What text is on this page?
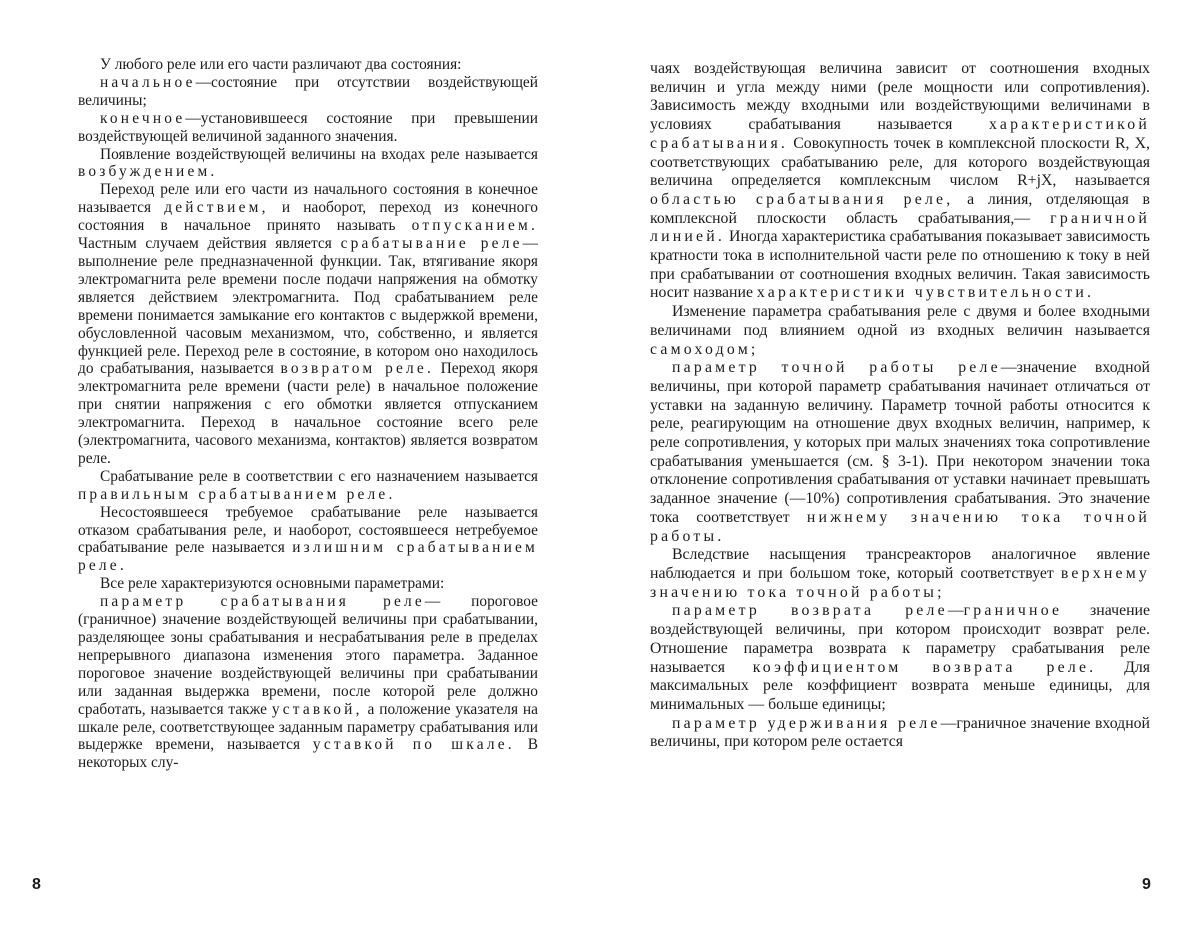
У любого реле или его части различают два состояния:

начальное—состояние при отсутствии воздействующей величины;

конечное—установившееся состояние при превышении воздействующей величиной заданного значения.

Появление воздействующей величины на входах реле называется возбуждением.

Переход реле или его части из начального состояния в конечное называется действием, и наоборот, переход из конечного состояния в начальное принято называть отпусканием. Частным случаем действия является срабатывание реле—выполнение реле предназначенной функции. Так, втягивание якоря электромагнита реле времени после подачи напряжения на обмотку является действием электромагнита. Под срабатыванием реле времени понимается замыкание его контактов с выдержкой времени, обусловленной часовым механизмом, что, собственно, и является функцией реле. Переход реле в состояние, в котором оно находилось до срабатывания, называется возвратом реле. Переход якоря электромагнита реле времени (части реле) в начальное положение при снятии напряжения с его обмотки является отпусканием электромагнита. Переход в начальное состояние всего реле (электромагнита, часового механизма, контактов) является возвратом реле.

Срабатывание реле в соответствии с его назначением называется правильным срабатыванием реле.

Несостоявшееся требуемое срабатывание реле называется отказом срабатывания реле, и наоборот, состоявшееся нетребуемое срабатывание реле называется излишним срабатыванием реле.

Все реле характеризуются основными параметрами:

параметр срабатывания реле— пороговое (граничное) значение воздействующей величины при срабатывании, разделяющее зоны срабатывания и несрабатывания реле в пределах непрерывного диапазона изменения этого параметра. Заданное пороговое значение воздействующей величины при срабатывании или заданная выдержка времени, после которой реле должно сработать, называется также уставкой, а положение указателя на шкале реле, соответствующее заданным параметру срабатывания или выдержке времени, называется уставкой по шкале. В некоторых слу-

чаях воздействующая величина зависит от соотношения входных величин и угла между ними (реле мощности или сопротивления). Зависимость между входными или воздействующими величинами в условиях срабатывания называется характеристикой срабатывания. Совокупность точек в комплексной плоскости R, X, соответствующих срабатыванию реле, для которого воздействующая величина определяется комплексным числом R+jX, называется областью срабатывания реле, а линия, отделяющая в комплексной плоскости область срабатывания,— граничной линией. Иногда характеристика срабатывания показывает зависимость кратности тока в исполнительной части реле по отношению к току в ней при срабатывании от соотношения входных величин. Такая зависимость носит название характеристики чувствительности.

Изменение параметра срабатывания реле с двумя и более входными величинами под влиянием одной из входных величин называется самоходом;

параметр точной работы реле—значение входной величины, при которой параметр срабатывания начинает отличаться от уставки на заданную величину. Параметр точной работы относится к реле, реагирующим на отношение двух входных величин, например, к реле сопротивления, у которых при малых значениях тока сопротивление срабатывания уменьшается (см. § 3-1). При некотором значении тока отклонение сопротивления срабатывания от уставки начинает превышать заданное значение (—10%) сопротивления срабатывания. Это значение тока соответствует нижнему значению тока точной работы.

Вследствие насыщения трансреакторов аналогичное явление наблюдается и при большом токе, который соответствует верхнему значению тока точной работы;

параметр возврата реле—граничное значение воздействующей величины, при котором происходит возврат реле. Отношение параметра возврата к параметру срабатывания реле называется коэффициентом возврата реле. Для максимальных реле коэффициент возврата меньше единицы, для минимальных — больше единицы;

параметр удерживания реле—граничное значение входной величины, при котором реле остается

8	9
